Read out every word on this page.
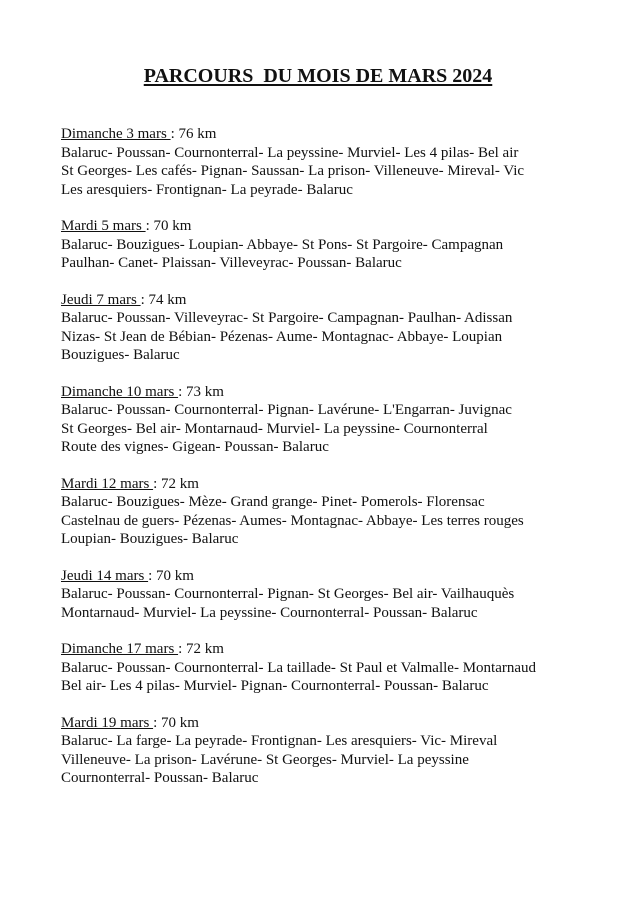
PARCOURS  DU MOIS DE MARS 2024
Dimanche 3 mars : 76 km
Balaruc- Poussan- Cournonterral- La peyssine- Murviel- Les 4 pilas- Bel air
St Georges- Les cafés- Pignan- Saussan- La prison- Villeneuve- Mireval- Vic
Les aresquiers- Frontignan- La peyrade- Balaruc
Mardi 5 mars : 70 km
Balaruc- Bouzigues- Loupian- Abbaye- St Pons- St Pargoire- Campagnan
Paulhan- Canet- Plaissan- Villeveyrac- Poussan- Balaruc
Jeudi 7 mars : 74 km
Balaruc- Poussan- Villeveyrac- St Pargoire- Campagnan- Paulhan- Adissan
Nizas- St Jean de Bébian- Pézenas- Aume- Montagnac- Abbaye- Loupian
Bouzigues- Balaruc
Dimanche 10 mars : 73 km
Balaruc- Poussan- Cournonterral- Pignan- Lavérune- L'Engarran- Juvignac
St Georges- Bel air- Montarnaud- Murviel- La peyssine- Cournonterral
Route des vignes- Gigean- Poussan- Balaruc
Mardi 12 mars : 72 km
Balaruc- Bouzigues- Mèze- Grand grange- Pinet- Pomerols- Florensac
Castelnau de guers- Pézenas- Aumes- Montagnac- Abbaye- Les terres rouges
Loupian- Bouzigues- Balaruc
Jeudi 14 mars : 70 km
Balaruc- Poussan- Cournonterral- Pignan- St Georges- Bel air- Vailhauquès
Montarnaud- Murviel- La peyssine- Cournonterral- Poussan- Balaruc
Dimanche 17 mars : 72 km
Balaruc- Poussan- Cournonterral- La taillade- St Paul et Valmalle- Montarnaud
Bel air- Les 4 pilas- Murviel- Pignan- Cournonterral- Poussan- Balaruc
Mardi 19 mars : 70 km
Balaruc- La farge- La peyrade- Frontignan- Les aresquiers- Vic- Mireval
Villeneuve- La prison- Lavérune- St Georges- Murviel- La peyssine
Cournonterral- Poussan- Balaruc
